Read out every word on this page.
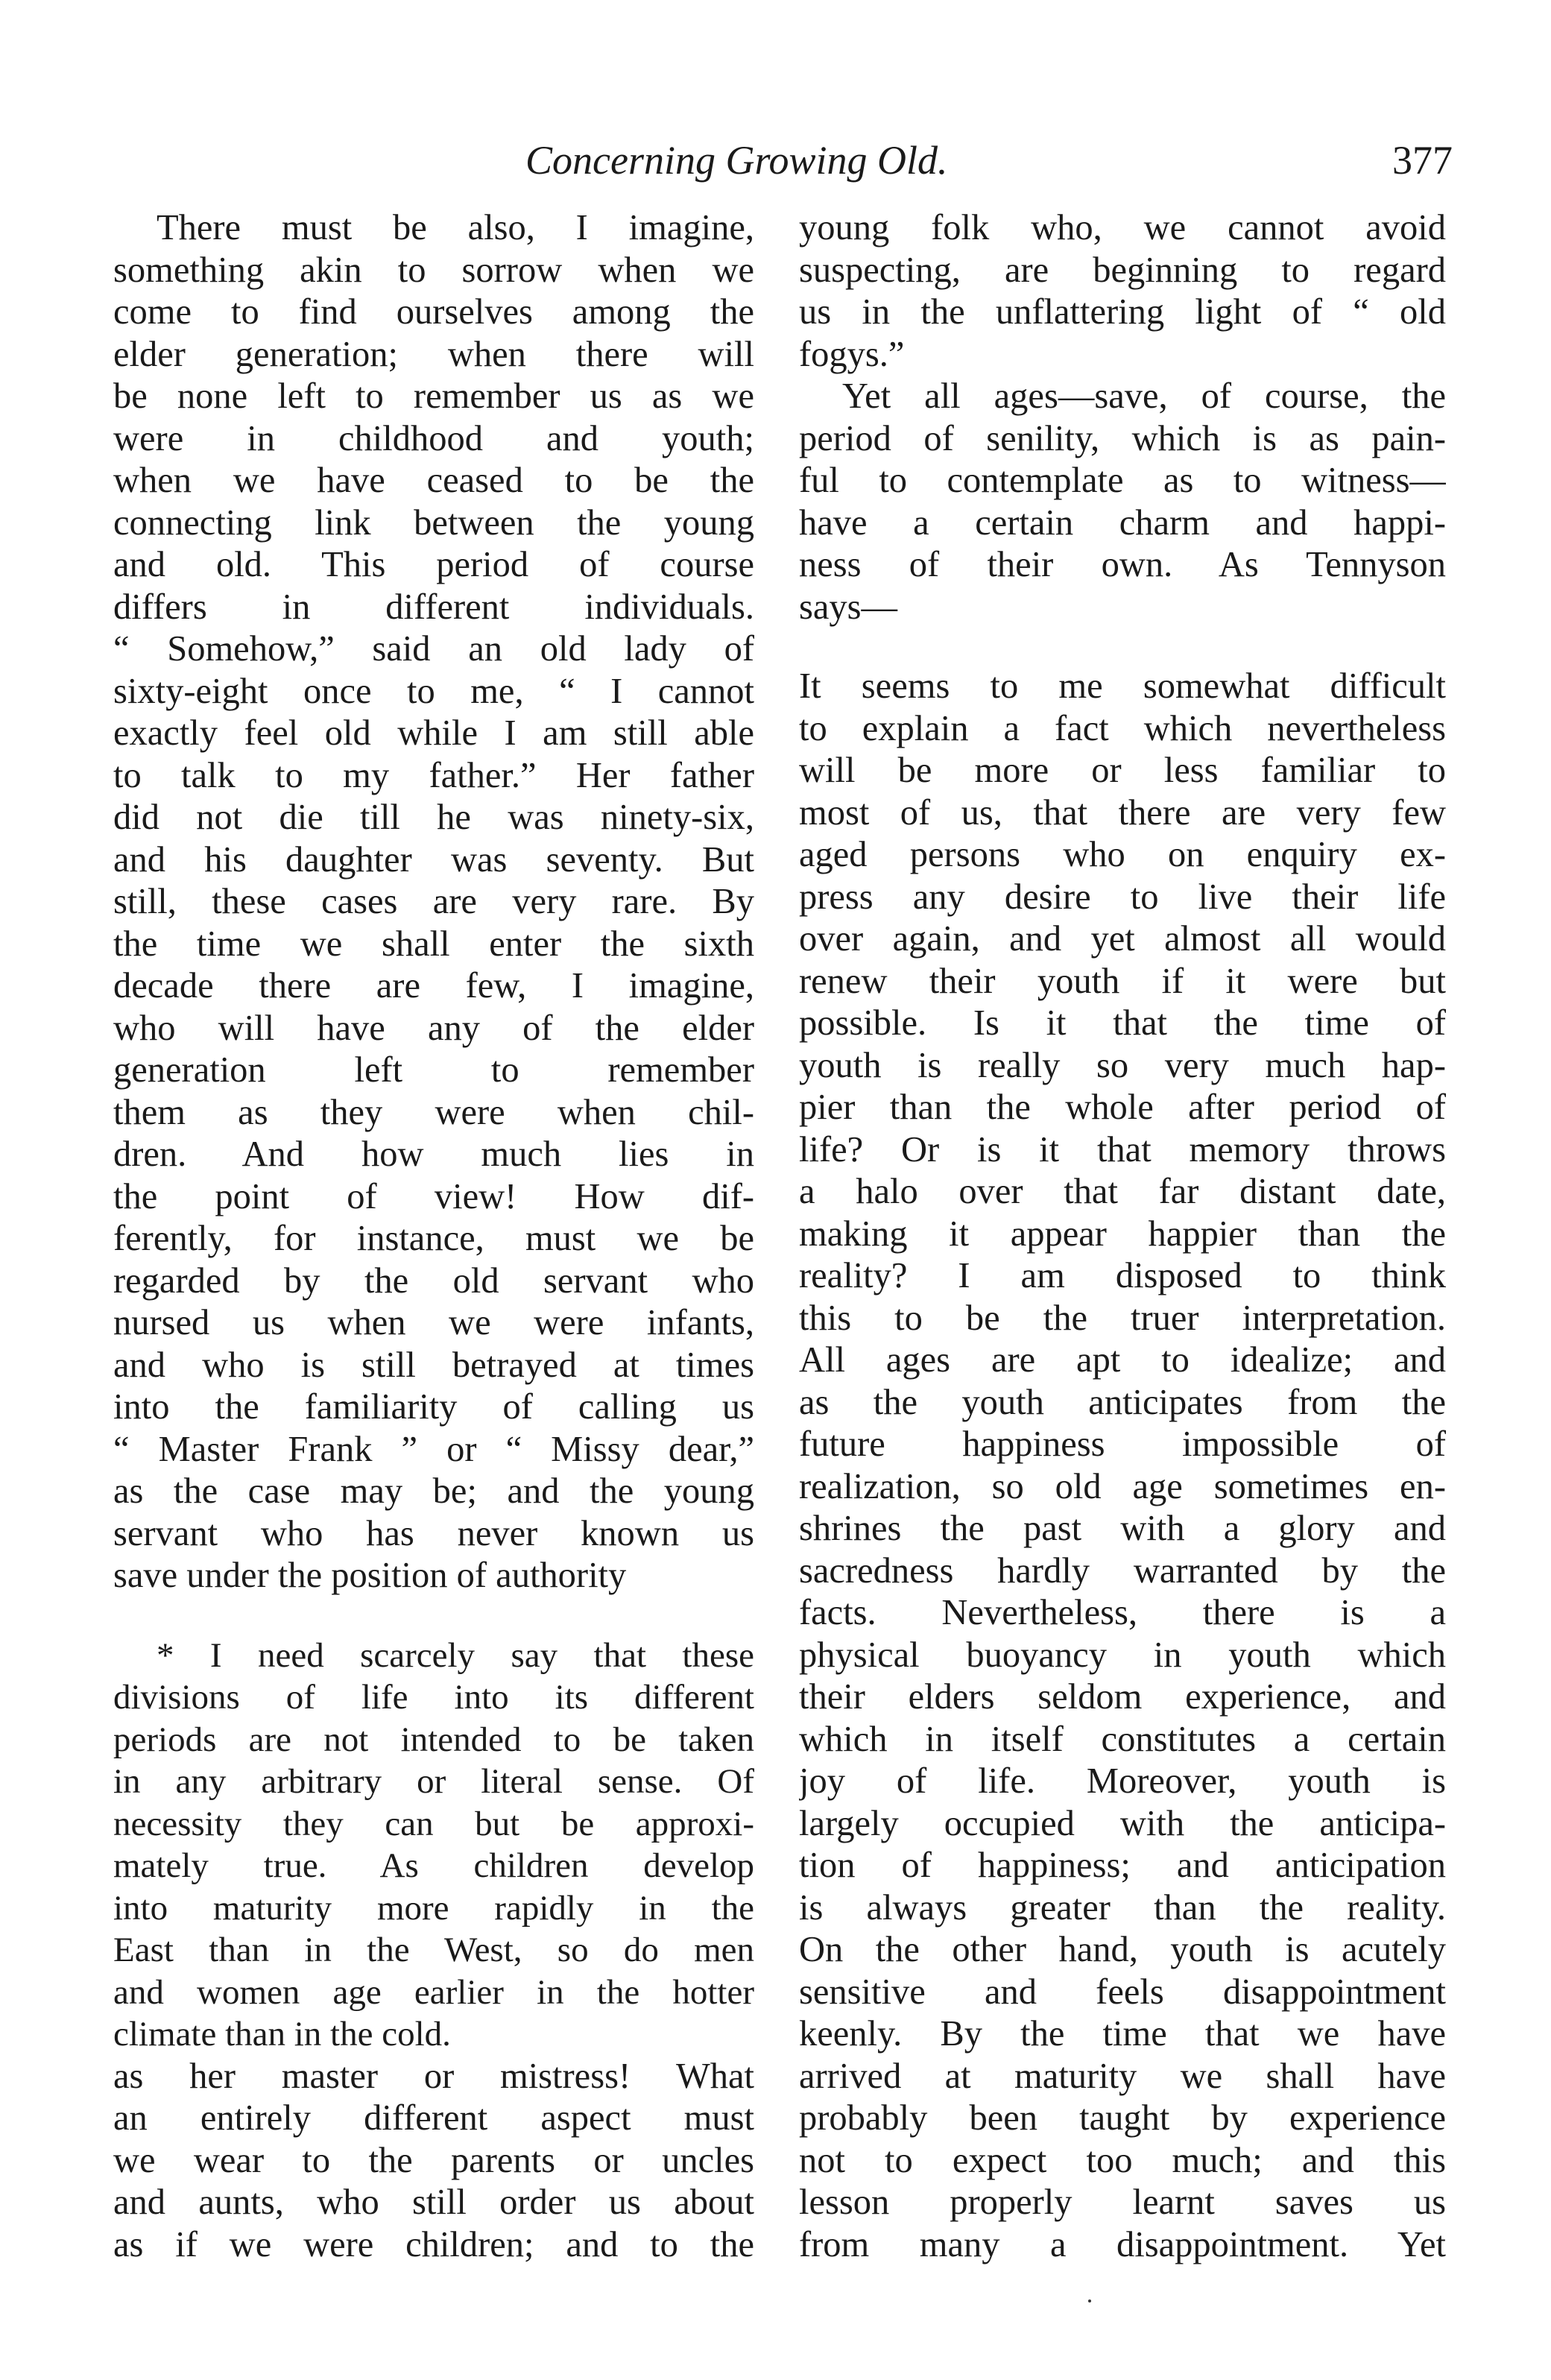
Concerning Growing Old.	377
There must be also, I imagine,
something akin to sorrow when we
come to find ourselves among the
elder generation; when there will
be none left to remember us as we
were in childhood and youth;
when we have ceased to be the
connecting link between the young
and old. This period of course
differs in different individuals.
“ Somehow,” said an old lady of
sixty-eight once to me, “ I cannot
exactly feel old while I am still able
to talk to my father.” Her father
did not die till he was ninety-six,
and his daughter was seventy. But
still, these cases are very rare. By
the time we shall enter the sixth
decade there are few, I imagine,
who will have any of the elder
generation left to remember
them as they were when chil-
dren. And how much lies in
the point of view! How dif-
ferently, for instance, must we be
regarded by the old servant who
nursed us when we were infants,
and who is still betrayed at times
into the familiarity of calling us
“ Master Frank ” or “ Missy dear,”
as the case may be; and the young
servant who has never known us
save under the position of authority
* I need scarcely say that these
divisions of life into its different
periods are not intended to be taken
in any arbitrary or literal sense. Of
necessity they can but be approxi-
mately true. As children develop
into maturity more rapidly in the
East than in the West, so do men
and women age earlier in the hotter
climate than in the cold.
as her master or mistress! What
an entirely different aspect must
we wear to the parents or uncles
and aunts, who still order us about
as if we were children; and to the
young folk who, we cannot avoid
suspecting, are beginning to regard
us in the unflattering light of “ old
fogys.”
Yet all ages—save, of course, the
period of senility, which is as pain-
ful to contemplate as to witness—
have a certain charm and happi-
ness of their own. As Tennyson
says—
It seems to me somewhat difficult
to explain a fact which nevertheless
will be more or less familiar to
most of us, that there are very few
aged persons who on enquiry ex-
press any desire to live their life
over again, and yet almost all would
renew their youth if it were but
possible. Is it that the time of
youth is really so very much hap-
pier than the whole after period of
life? Or is it that memory throws
a halo over that far distant date,
making it appear happier than the
reality? I am disposed to think
this to be the truer interpretation.
All ages are apt to idealize; and
as the youth anticipates from the
future happiness impossible of
realization, so old age sometimes en-
shrines the past with a glory and
sacredness hardly warranted by the
facts. Nevertheless, there is a
physical buoyancy in youth which
their elders seldom experience, and
which in itself constitutes a certain
joy of life. Moreover, youth is
largely occupied with the anticipa-
tion of happiness; and anticipation
is always greater than the reality.
On the other hand, youth is acutely
sensitive and feels disappointment
keenly. By the time that we have
arrived at maturity we shall have
probably been taught by experience
not to expect too much; and this
lesson properly learnt saves us
from many a disappointment. Yet
